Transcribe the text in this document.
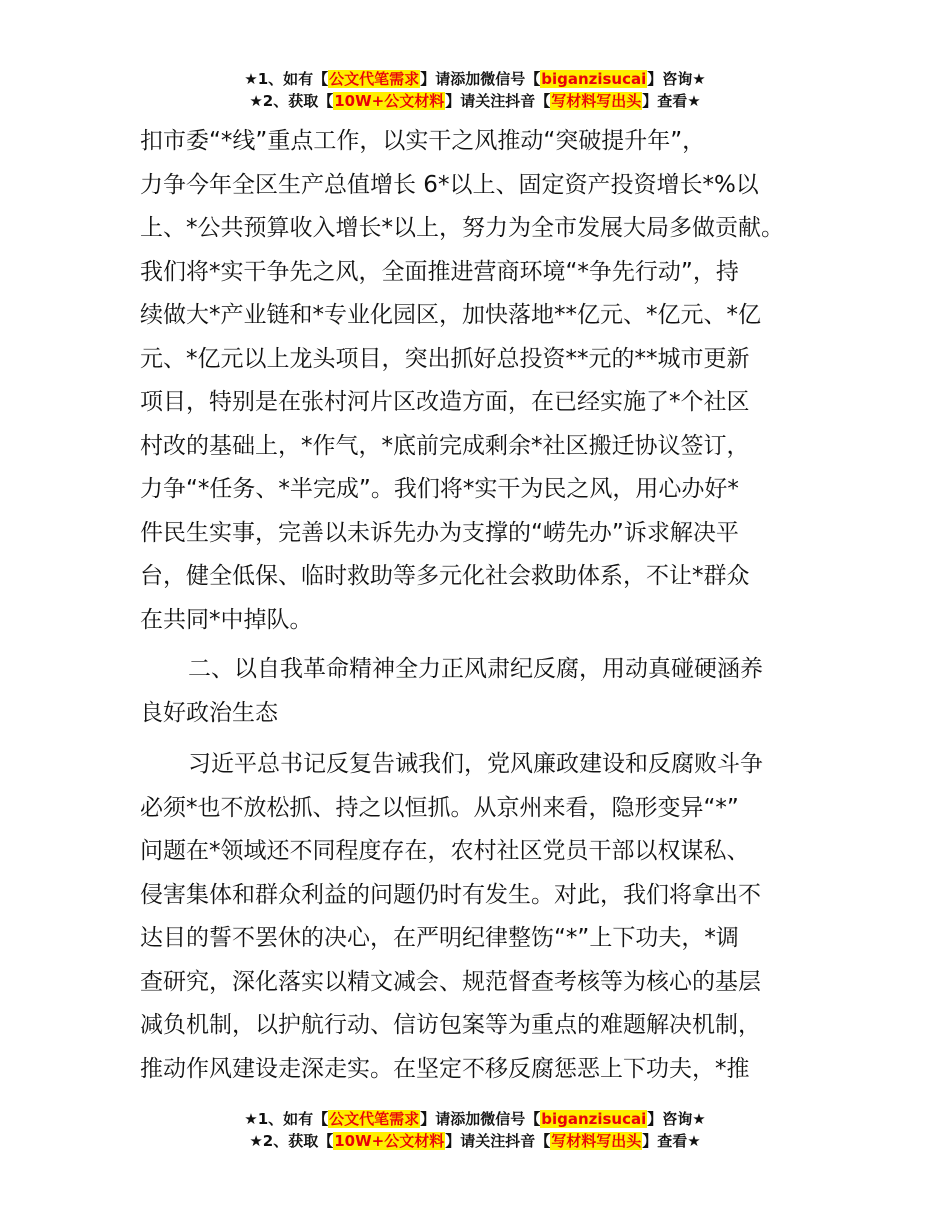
★1、如有【公文代笔需求】请添加微信号【biganzisucai】咨询★
★2、获取【10W+公文材料】请关注抖音【写材料写出头】查看★

扣市委“*线”重点工作，以实干之风推动“突破提升年”，

力争今年全区生产总值增长 6*以上、固定资产投资增长*%以

上、*公共预算收入增长*以上，努力为全市发展大局多做贡献。

我们将*实干争先之风，全面推进营商环境“*争先行动”，持

续做大*产业链和*专业化园区，加快落地**亿元、*亿元、*亿

元、*亿元以上龙头项目，突出抓好总投资**元的**城市更新

项目，特别是在张村河片区改造方面，在已经实施了*个社区

村改的基础上，*作气，*底前完成剩余*社区搬迁协议签订，

力争“*任务、*半完成”。我们将*实干为民之风，用心办好*

件民生实事，完善以未诉先办为支撑的“崂先办”诉求解决平

台，健全低保、临时救助等多元化社会救助体系，不让*群众

在共同*中掉队。

二、以自我革命精神全力正风肃纪反腐，用动真碰硬涵养

良好政治生态

习近平总书记反复告诫我们，党风廉政建设和反腐败斗争

必须*也不放松抓、持之以恒抓。从京州来看，隐形变异“*”

问题在*领域还不同程度存在，农村社区党员干部以权谋私、

侵害集体和群众利益的问题仍时有发生。对此，我们将拿出不

达目的誓不罢休的决心，在严明纪律整饬“*”上下功夫，*调

查研究，深化落实以精文减会、规范督查考核等为核心的基层

减负机制，以护航行动、信访包案等为重点的难题解决机制，

推动作风建设走深走实。在坚定不移反腐惩恶上下功夫，*推

★1、如有【公文代笔需求】请添加微信号【biganzisucai】咨询★
★2、获取【10W+公文材料】请关注抖音【写材料写出头】查看★
